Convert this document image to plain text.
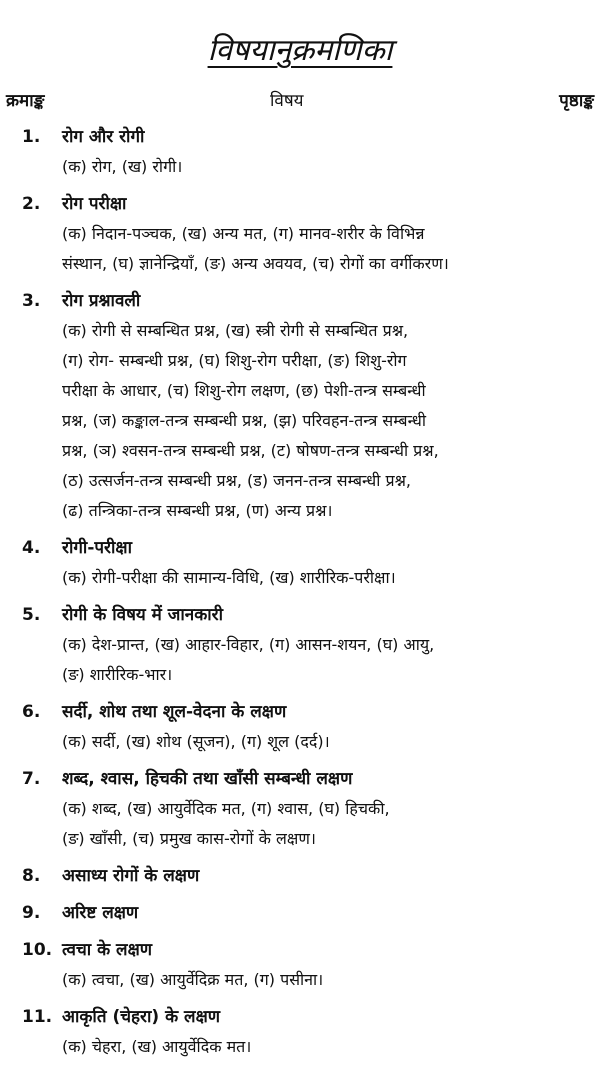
विषयानुक्रमणिका
क्रमाङ्क	विषय	पृष्ठाङ्क
1.	रोग और रोगी
(क) रोग, (ख) रोगी।
2.	रोग परीक्षा
(क) निदान-पञ्चक, (ख) अन्य मत, (ग) मानव-शरीर के विभिन्न
संस्थान, (घ) ज्ञानेन्द्रियाँ, (ङ) अन्य अवयव, (च) रोगों का वर्गीकरण।
3.	रोग प्रश्नावली
(क) रोगी से सम्बन्धित प्रश्न, (ख) स्त्री रोगी से सम्बन्धित प्रश्न,
(ग) रोग- सम्बन्धी प्रश्न, (घ) शिशु-रोग परीक्षा, (ङ) शिशु-रोग
परीक्षा के आधार, (च) शिशु-रोग लक्षण, (छ) पेशी-तन्त्र सम्बन्धी
प्रश्न, (ज) कङ्काल-तन्त्र सम्बन्धी प्रश्न, (झ) परिवहन-तन्त्र सम्बन्धी
प्रश्न, (ञ) श्वसन-तन्त्र सम्बन्धी प्रश्न, (ट) षोषण-तन्त्र सम्बन्धी प्रश्न,
(ठ) उत्सर्जन-तन्त्र सम्बन्धी प्रश्न, (ड) जनन-तन्त्र सम्बन्धी प्रश्न,
(ढ) तन्त्रिका-तन्त्र सम्बन्धी प्रश्न, (ण) अन्य प्रश्न।
4.	रोगी-परीक्षा
(क) रोगी-परीक्षा की सामान्य-विधि, (ख) शारीरिक-परीक्षा।
5.	रोगी के विषय में जानकारी
(क) देश-प्रान्त, (ख) आहार-विहार, (ग) आसन-शयन, (घ) आयु,
(ङ) शारीरिक-भार।
6.	सर्दी, शोथ तथा शूल-वेदना के लक्षण
(क) सर्दी, (ख) शोथ (सूजन), (ग) शूल (दर्द)।
7.	शब्द, श्वास, हिचकी तथा खाँसी सम्बन्धी लक्षण
(क) शब्द, (ख) आयुर्वेदिक मत, (ग) श्वास, (घ) हिचकी,
(ङ) खाँसी, (च) प्रमुख कास-रोगों के लक्षण।
8.	असाध्य रोगों के लक्षण
9.	अरिष्ट लक्षण
10. त्वचा के लक्षण
(क) त्वचा, (ख) आयुर्वेदिक्र मत, (ग) पसीना।
11. आकृति (चेहरा) के लक्षण
(क) चेहरा, (ख) आयुर्वेदिक मत।
